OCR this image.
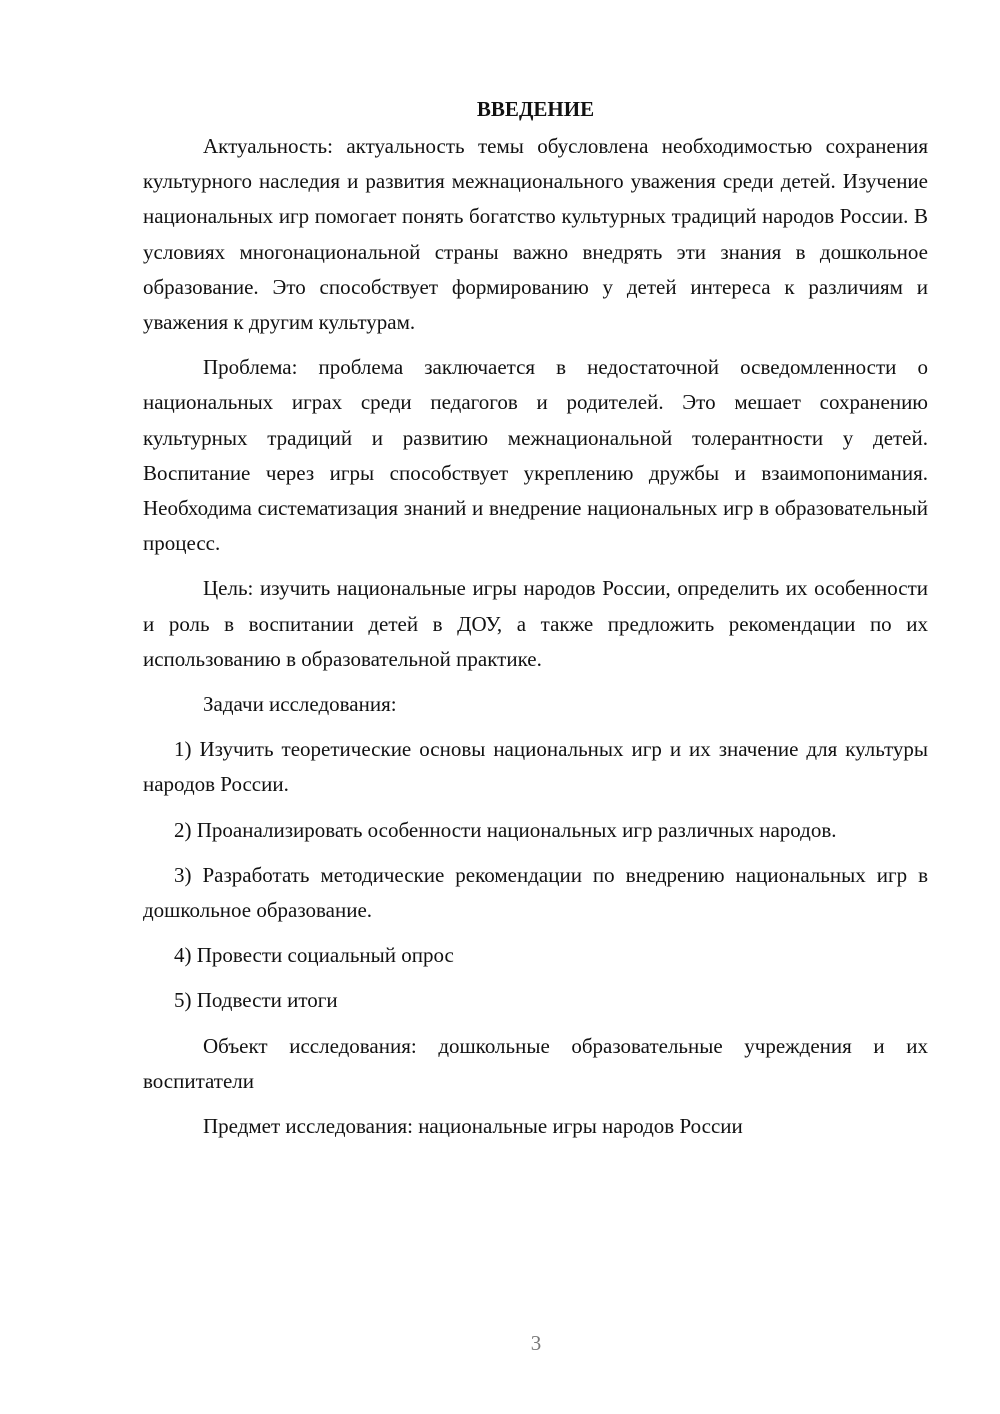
ВВЕДЕНИЕ

Актуальность: актуальность темы обусловлена необходимостью сохранения культурного наследия и развития межнационального уважения среди детей. Изучение национальных игр помогает понять богатство культурных традиций народов России. В условиях многонациональной страны важно внедрять эти знания в дошкольное образование. Это способствует формированию у детей интереса к различиям и уважения к другим культурам.

Проблема: проблема заключается в недостаточной осведомленности о национальных играх среди педагогов и родителей. Это мешает сохранению культурных традиций и развитию межнациональной толерантности у детей. Воспитание через игры способствует укреплению дружбы и взаимопонимания. Необходима систематизация знаний и внедрение национальных игр в образовательный процесс.

Цель: изучить национальные игры народов России, определить их особенности и роль в воспитании детей в ДОУ, а также предложить рекомендации по их использованию в образовательной практике.

Задачи исследования:

1) Изучить теоретические основы национальных игр и их значение для культуры народов России.

2) Проанализировать особенности национальных игр различных народов.

3) Разработать методические рекомендации по внедрению национальных игр в дошкольное образование.

4) Провести социальный опрос

5) Подвести итоги

Объект исследования: дошкольные образовательные учреждения и их воспитатели

Предмет исследования: национальные игры народов России

3
